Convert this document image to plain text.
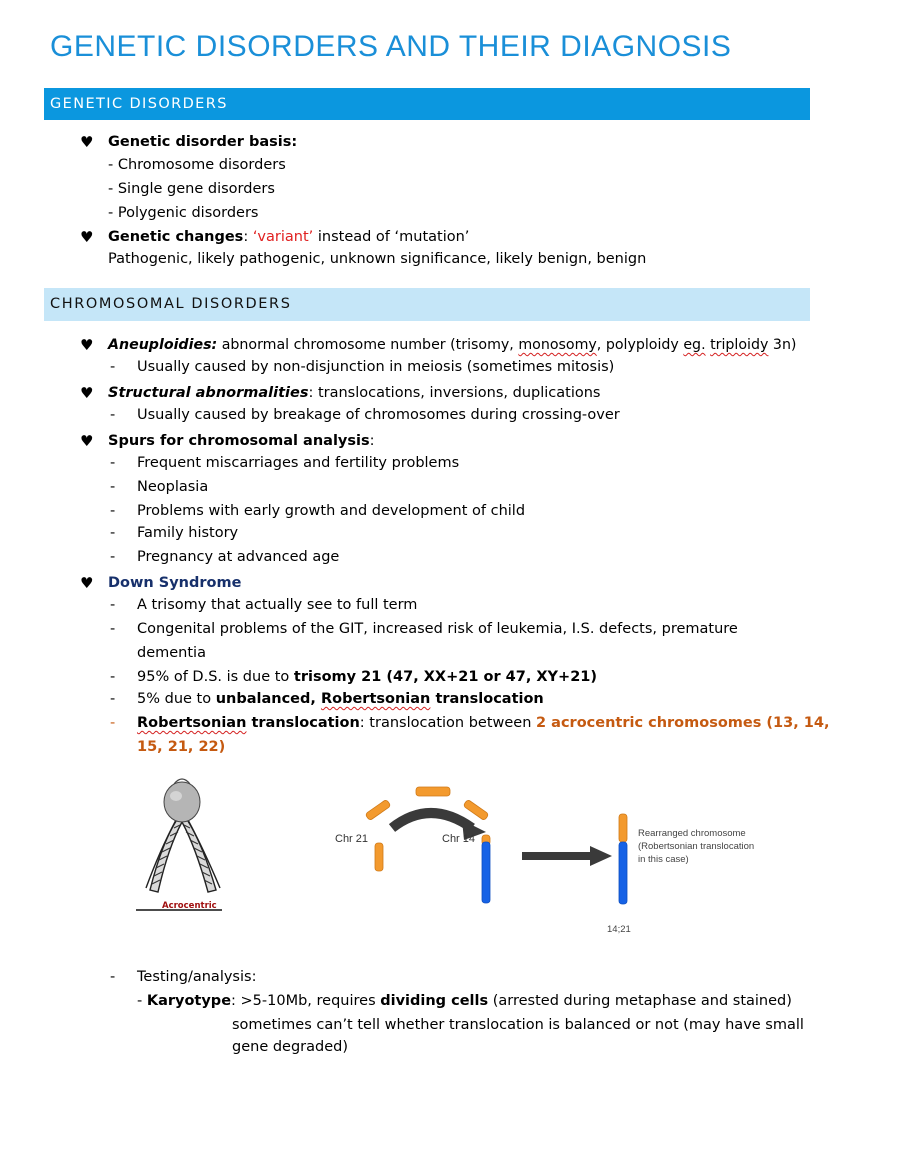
GENETIC DISORDERS AND THEIR DIAGNOSIS
GENETIC DISORDERS
♥ Genetic disorder basis:
- Chromosome disorders
- Single gene disorders
- Polygenic disorders
♥ Genetic changes: ‘variant’ instead of ‘mutation’
Pathogenic, likely pathogenic, unknown significance, likely benign, benign
CHROMOSOMAL DISORDERS
♥ Aneuploidies: abnormal chromosome number (trisomy, monosomy, polyploidy eg. triploidy 3n)
- Usually caused by non-disjunction in meiosis (sometimes mitosis)
♥ Structural abnormalities: translocations, inversions, duplications
- Usually caused by breakage of chromosomes during crossing-over
♥ Spurs for chromosomal analysis:
- Frequent miscarriages and fertility problems
- Neoplasia
- Problems with early growth and development of child
- Family history
- Pregnancy at advanced age
♥ Down Syndrome
- A trisomy that actually see to full term
- Congenital problems of the GIT, increased risk of leukemia, I.S. defects, premature
dementia
- 95% of D.S. is due to trisomy 21 (47, XX+21 or 47, XY+21)
- 5% due to unbalanced, Robertsonian translocation
- Robertsonian translocation: translocation between 2 acrocentric chromosomes (13, 14,
15, 21, 22)
Acrocentric
Chr 21	Chr 14	Rearranged chromosome
(Robertsonian translocation
in this case)
14;21
- Testing/analysis:
- Karyotype: >5-10Mb, requires dividing cells (arrested during metaphase and stained)
sometimes can’t tell whether translocation is balanced or not (may have small
gene degraded)
